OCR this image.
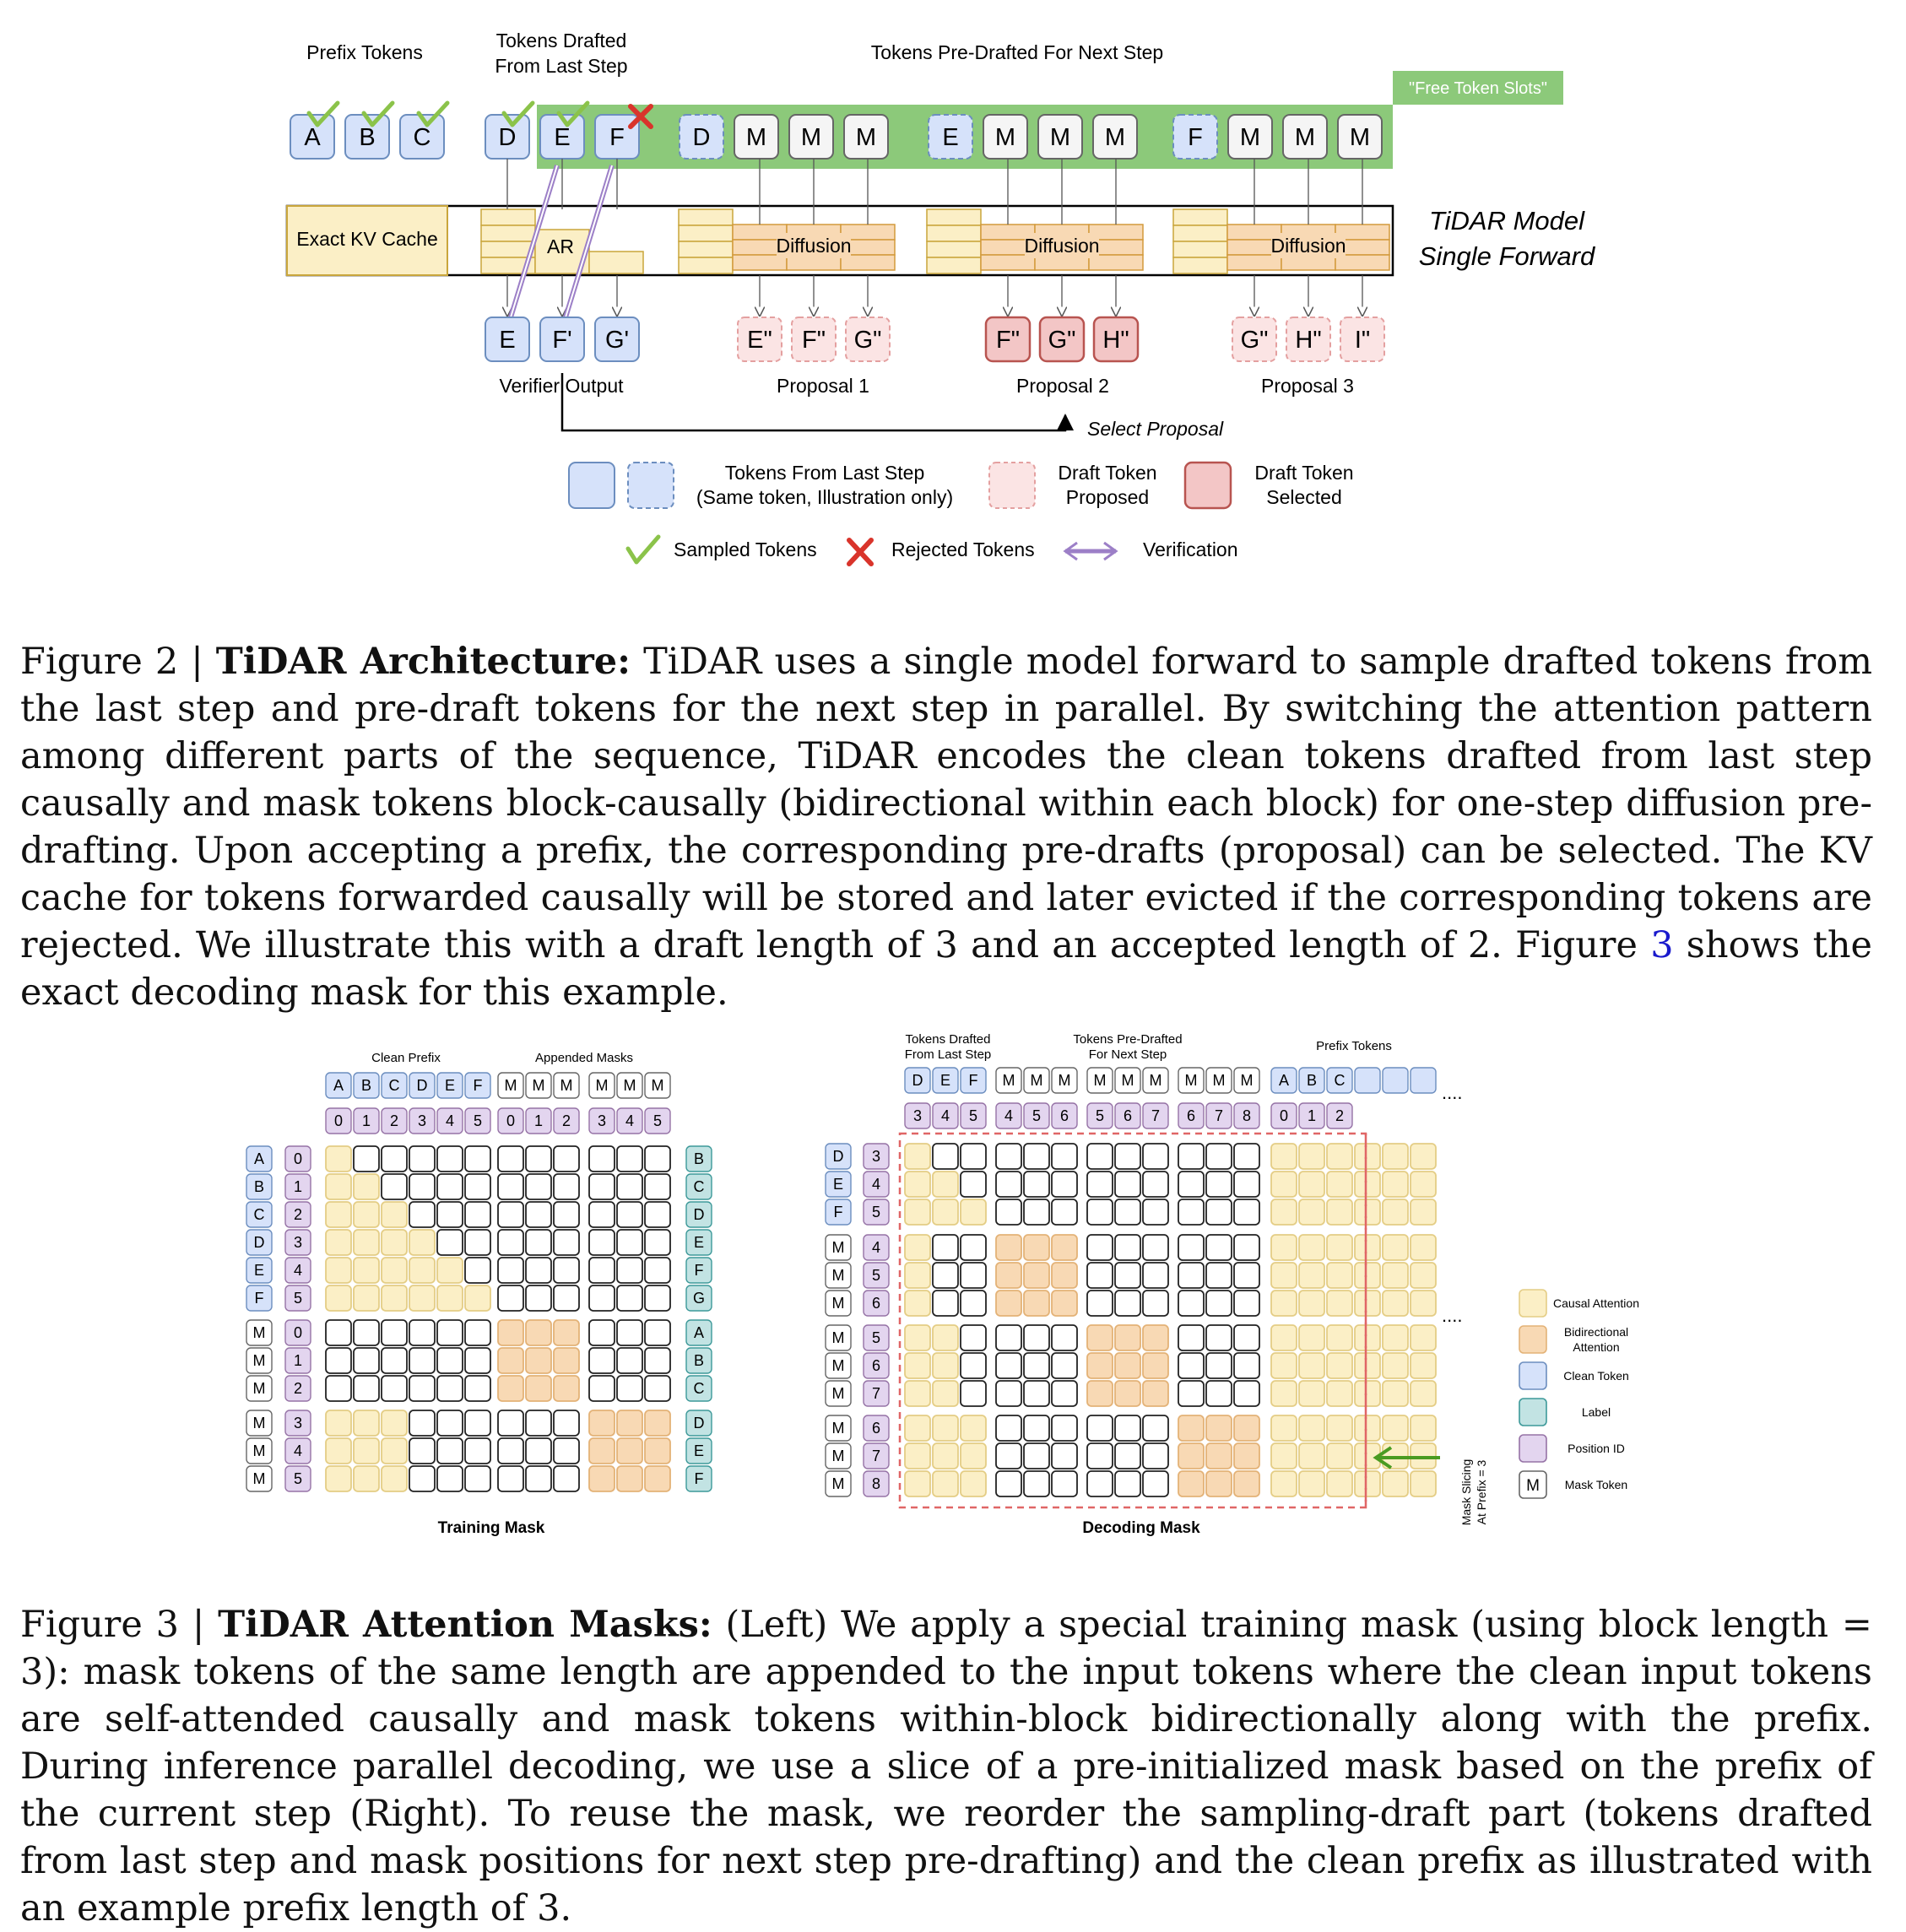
Prefix Tokens
Tokens Drafted
From Last Step
Tokens Pre-Drafted For Next Step
"Free Token Slots"
Exact KV Cache
TiDAR Model
Single Forward
A B C	D E F	D M M M	E M M M	F M M M
AR	Diffusion	Diffusion	Diffusion
E F' G'	E" F" G"	F" G" H"	G" H" I"
Verifier Output	Proposal 1	Proposal 2	Proposal 3
Select Proposal
Tokens From Last Step
(Same token, Illustration only)
Draft Token
Proposed
Draft Token
Selected
Sampled Tokens	Rejected Tokens	Verification

Figure 2 | TiDAR Architecture: TiDAR uses a single model forward to sample drafted tokens from the last step and pre-draft tokens for the next step in parallel. By switching the attention pattern among different parts of the sequence, TiDAR encodes the clean tokens drafted from last step causally and mask tokens block-causally (bidirectional within each block) for one-step diffusion pre-drafting. Upon accepting a prefix, the corresponding pre-drafts (proposal) can be selected. The KV cache for tokens forwarded causally will be stored and later evicted if the corresponding tokens are rejected. We illustrate this with a draft length of 3 and an accepted length of 2. Figure 3 shows the exact decoding mask for this example.

A B C D E F M M M M M M
0 1 2 3 4 5 0 1 2 3 4 5
A
B
C
D
E
F
M
M
M
M
M
M
0
1
2
3
4
5
0
1
2
3
4
5
B
C
D
E
F
G
A
B
C
D
E
F
D E F M M M M M M M M M A B C
3 4 5 4 5 6 5 6 7 6 7 8 0 1 2
D
E
F
M
M
M
M
M
M
M
M
M
3
4
5
4
5
6
5
6
7
6
7
8
Causal Attention
Bidirectional
Attention
Clean Token
Label
Position ID
M Mask Token
Training Mask
Clean Prefix	Appended Masks
Decoding Mask
Tokens Drafted
From Last Step
Tokens Pre-Drafted
For Next Step
Prefix Tokens
....
....
Mask Slicing At Prefix = 3

Figure 3 | TiDAR Attention Masks: (Left) We apply a special training mask (using block length = 3): mask tokens of the same length are appended to the input tokens where the clean input tokens are self-attended causally and mask tokens within-block bidirectionally along with the prefix. During inference parallel decoding, we use a slice of a pre-initialized mask based on the prefix of the current step (Right). To reuse the mask, we reorder the sampling-draft part (tokens drafted from last step and mask positions for next step pre-drafting) and the clean prefix as illustrated with an example prefix length of 3.
